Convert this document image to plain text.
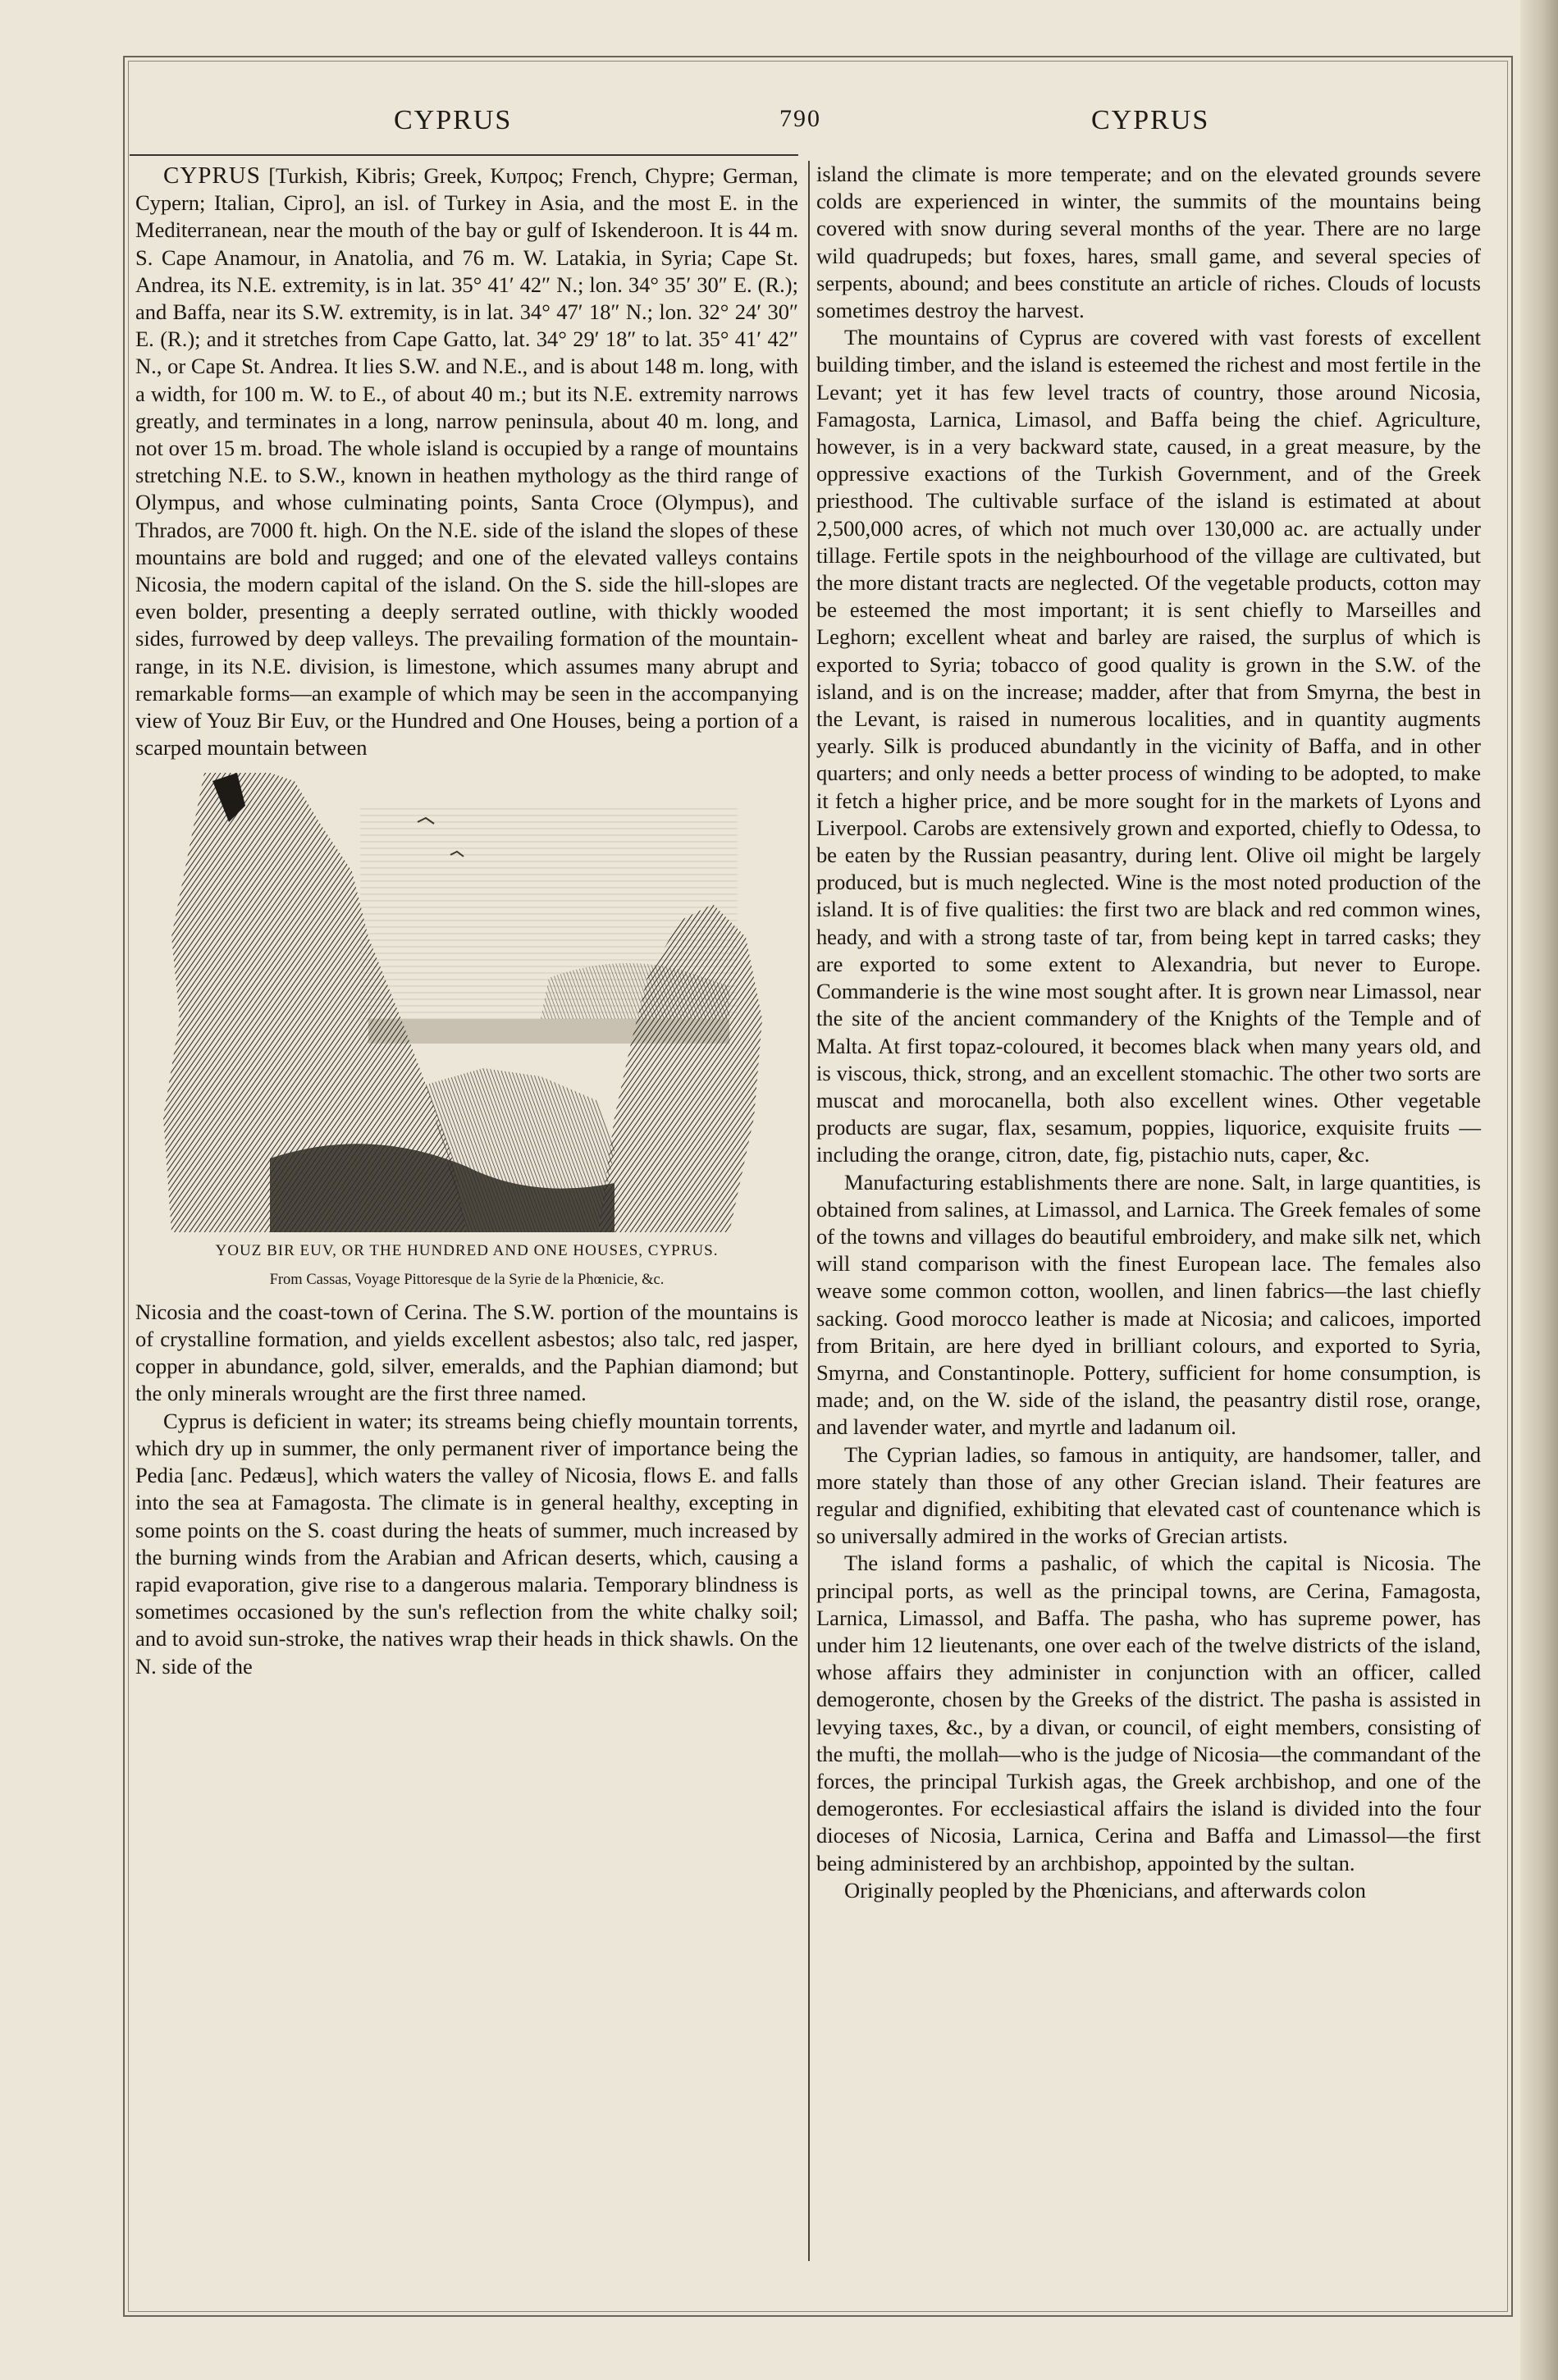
CYPRUS	790	CYPRUS

CYPRUS [Turkish, Kibris; Greek, Κυπρος; French, Chypre; German, Cypern; Italian, Cipro], an isl. of Turkey in Asia, and the most E. in the Mediterranean, near the mouth of the bay or gulf of Iskenderoon. It is 44 m. S. Cape Anamour, in Anatolia, and 76 m. W. Latakia, in Syria; Cape St. Andrea, its N.E. extremity, is in lat. 35° 41′ 42″ N.; lon. 34° 35′ 30″ E. (R.); and Baffa, near its S.W. extremity, is in lat. 34° 47′ 18″ N.; lon. 32° 24′ 30″ E. (R.); and it stretches from Cape Gatto, lat. 34° 29′ 18″ to lat. 35° 41′ 42″ N., or Cape St. Andrea. It lies S.W. and N.E., and is about 148 m. long, with a width, for 100 m. W. to E., of about 40 m.; but its N.E. extremity narrows greatly, and terminates in a long, narrow peninsula, about 40 m. long, and not over 15 m. broad. The whole island is occupied by a range of mountains stretching N.E. to S.W., known in heathen mythology as the third range of Olympus, and whose culminating points, Santa Croce (Olympus), and Thrados, are 7000 ft. high. On the N.E. side of the island the slopes of these mountains are bold and rugged; and one of the elevated valleys contains Nicosia, the modern capital of the island. On the S. side the hill-slopes are even bolder, presenting a deeply serrated outline, with thickly wooded sides, furrowed by deep valleys. The prevailing formation of the mountain-range, in its N.E. division, is limestone, which assumes many abrupt and remarkable forms—an example of which may be seen in the accompanying view of Youz Bir Euv, or the Hundred and One Houses, being a portion of a scarped mountain between

YOUZ BIR EUV, OR THE HUNDRED AND ONE HOUSES, CYPRUS.
From Cassas, Voyage Pittoresque de la Syrie de la Phœnicie, &c.

Nicosia and the coast-town of Cerina. The S.W. portion of the mountains is of crystalline formation, and yields excellent asbestos; also talc, red jasper, copper in abundance, gold, silver, emeralds, and the Paphian diamond; but the only minerals wrought are the first three named.

Cyprus is deficient in water; its streams being chiefly mountain torrents, which dry up in summer, the only permanent river of importance being the Pedia [anc. Pedæus], which waters the valley of Nicosia, flows E. and falls into the sea at Famagosta. The climate is in general healthy, excepting in some points on the S. coast during the heats of summer, much increased by the burning winds from the Arabian and African deserts, which, causing a rapid evaporation, give rise to a dangerous malaria. Temporary blindness is sometimes occasioned by the sun's reflection from the white chalky soil; and to avoid sun-stroke, the natives wrap their heads in thick shawls. On the N. side of the

island the climate is more temperate; and on the elevated grounds severe colds are experienced in winter, the summits of the mountains being covered with snow during several months of the year. There are no large wild quadrupeds; but foxes, hares, small game, and several species of serpents, abound; and bees constitute an article of riches. Clouds of locusts sometimes destroy the harvest.

The mountains of Cyprus are covered with vast forests of excellent building timber, and the island is esteemed the richest and most fertile in the Levant; yet it has few level tracts of country, those around Nicosia, Famagosta, Larnica, Limasol, and Baffa being the chief. Agriculture, however, is in a very backward state, caused, in a great measure, by the oppressive exactions of the Turkish Government, and of the Greek priesthood. The cultivable surface of the island is estimated at about 2,500,000 acres, of which not much over 130,000 ac. are actually under tillage. Fertile spots in the neighbourhood of the village are cultivated, but the more distant tracts are neglected. Of the vegetable products, cotton may be esteemed the most important; it is sent chiefly to Marseilles and Leghorn; excellent wheat and barley are raised, the surplus of which is exported to Syria; tobacco of good quality is grown in the S.W. of the island, and is on the increase; madder, after that from Smyrna, the best in the Levant, is raised in numerous localities, and in quantity augments yearly. Silk is produced abundantly in the vicinity of Baffa, and in other quarters; and only needs a better process of winding to be adopted, to make it fetch a higher price, and be more sought for in the markets of Lyons and Liverpool. Carobs are extensively grown and exported, chiefly to Odessa, to be eaten by the Russian peasantry, during lent. Olive oil might be largely produced, but is much neglected. Wine is the most noted production of the island. It is of five qualities: the first two are black and red common wines, heady, and with a strong taste of tar, from being kept in tarred casks; they are exported to some extent to Alexandria, but never to Europe. Commanderie is the wine most sought after. It is grown near Limassol, near the site of the ancient commandery of the Knights of the Temple and of Malta. At first topaz-coloured, it becomes black when many years old, and is viscous, thick, strong, and an excellent stomachic. The other two sorts are muscat and morocanella, both also excellent wines. Other vegetable products are sugar, flax, sesamum, poppies, liquorice, exquisite fruits — including the orange, citron, date, fig, pistachio nuts, caper, &c.

Manufacturing establishments there are none. Salt, in large quantities, is obtained from salines, at Limassol, and Larnica. The Greek females of some of the towns and villages do beautiful embroidery, and make silk net, which will stand comparison with the finest European lace. The females also weave some common cotton, woollen, and linen fabrics—the last chiefly sacking. Good morocco leather is made at Nicosia; and calicoes, imported from Britain, are here dyed in brilliant colours, and exported to Syria, Smyrna, and Constantinople. Pottery, sufficient for home consumption, is made; and, on the W. side of the island, the peasantry distil rose, orange, and lavender water, and myrtle and ladanum oil.

The Cyprian ladies, so famous in antiquity, are handsomer, taller, and more stately than those of any other Grecian island. Their features are regular and dignified, exhibiting that elevated cast of countenance which is so universally admired in the works of Grecian artists.

The island forms a pashalic, of which the capital is Nicosia. The principal ports, as well as the principal towns, are Cerina, Famagosta, Larnica, Limassol, and Baffa. The pasha, who has supreme power, has under him 12 lieutenants, one over each of the twelve districts of the island, whose affairs they administer in conjunction with an officer, called demogeronte, chosen by the Greeks of the district. The pasha is assisted in levying taxes, &c., by a divan, or council, of eight members, consisting of the mufti, the mollah—who is the judge of Nicosia—the commandant of the forces, the principal Turkish agas, the Greek archbishop, and one of the demogerontes. For ecclesiastical affairs the island is divided into the four dioceses of Nicosia, Larnica, Cerina and Baffa and Limassol—the first being administered by an archbishop, appointed by the sultan.

Originally peopled by the Phœnicians, and afterwards colon
